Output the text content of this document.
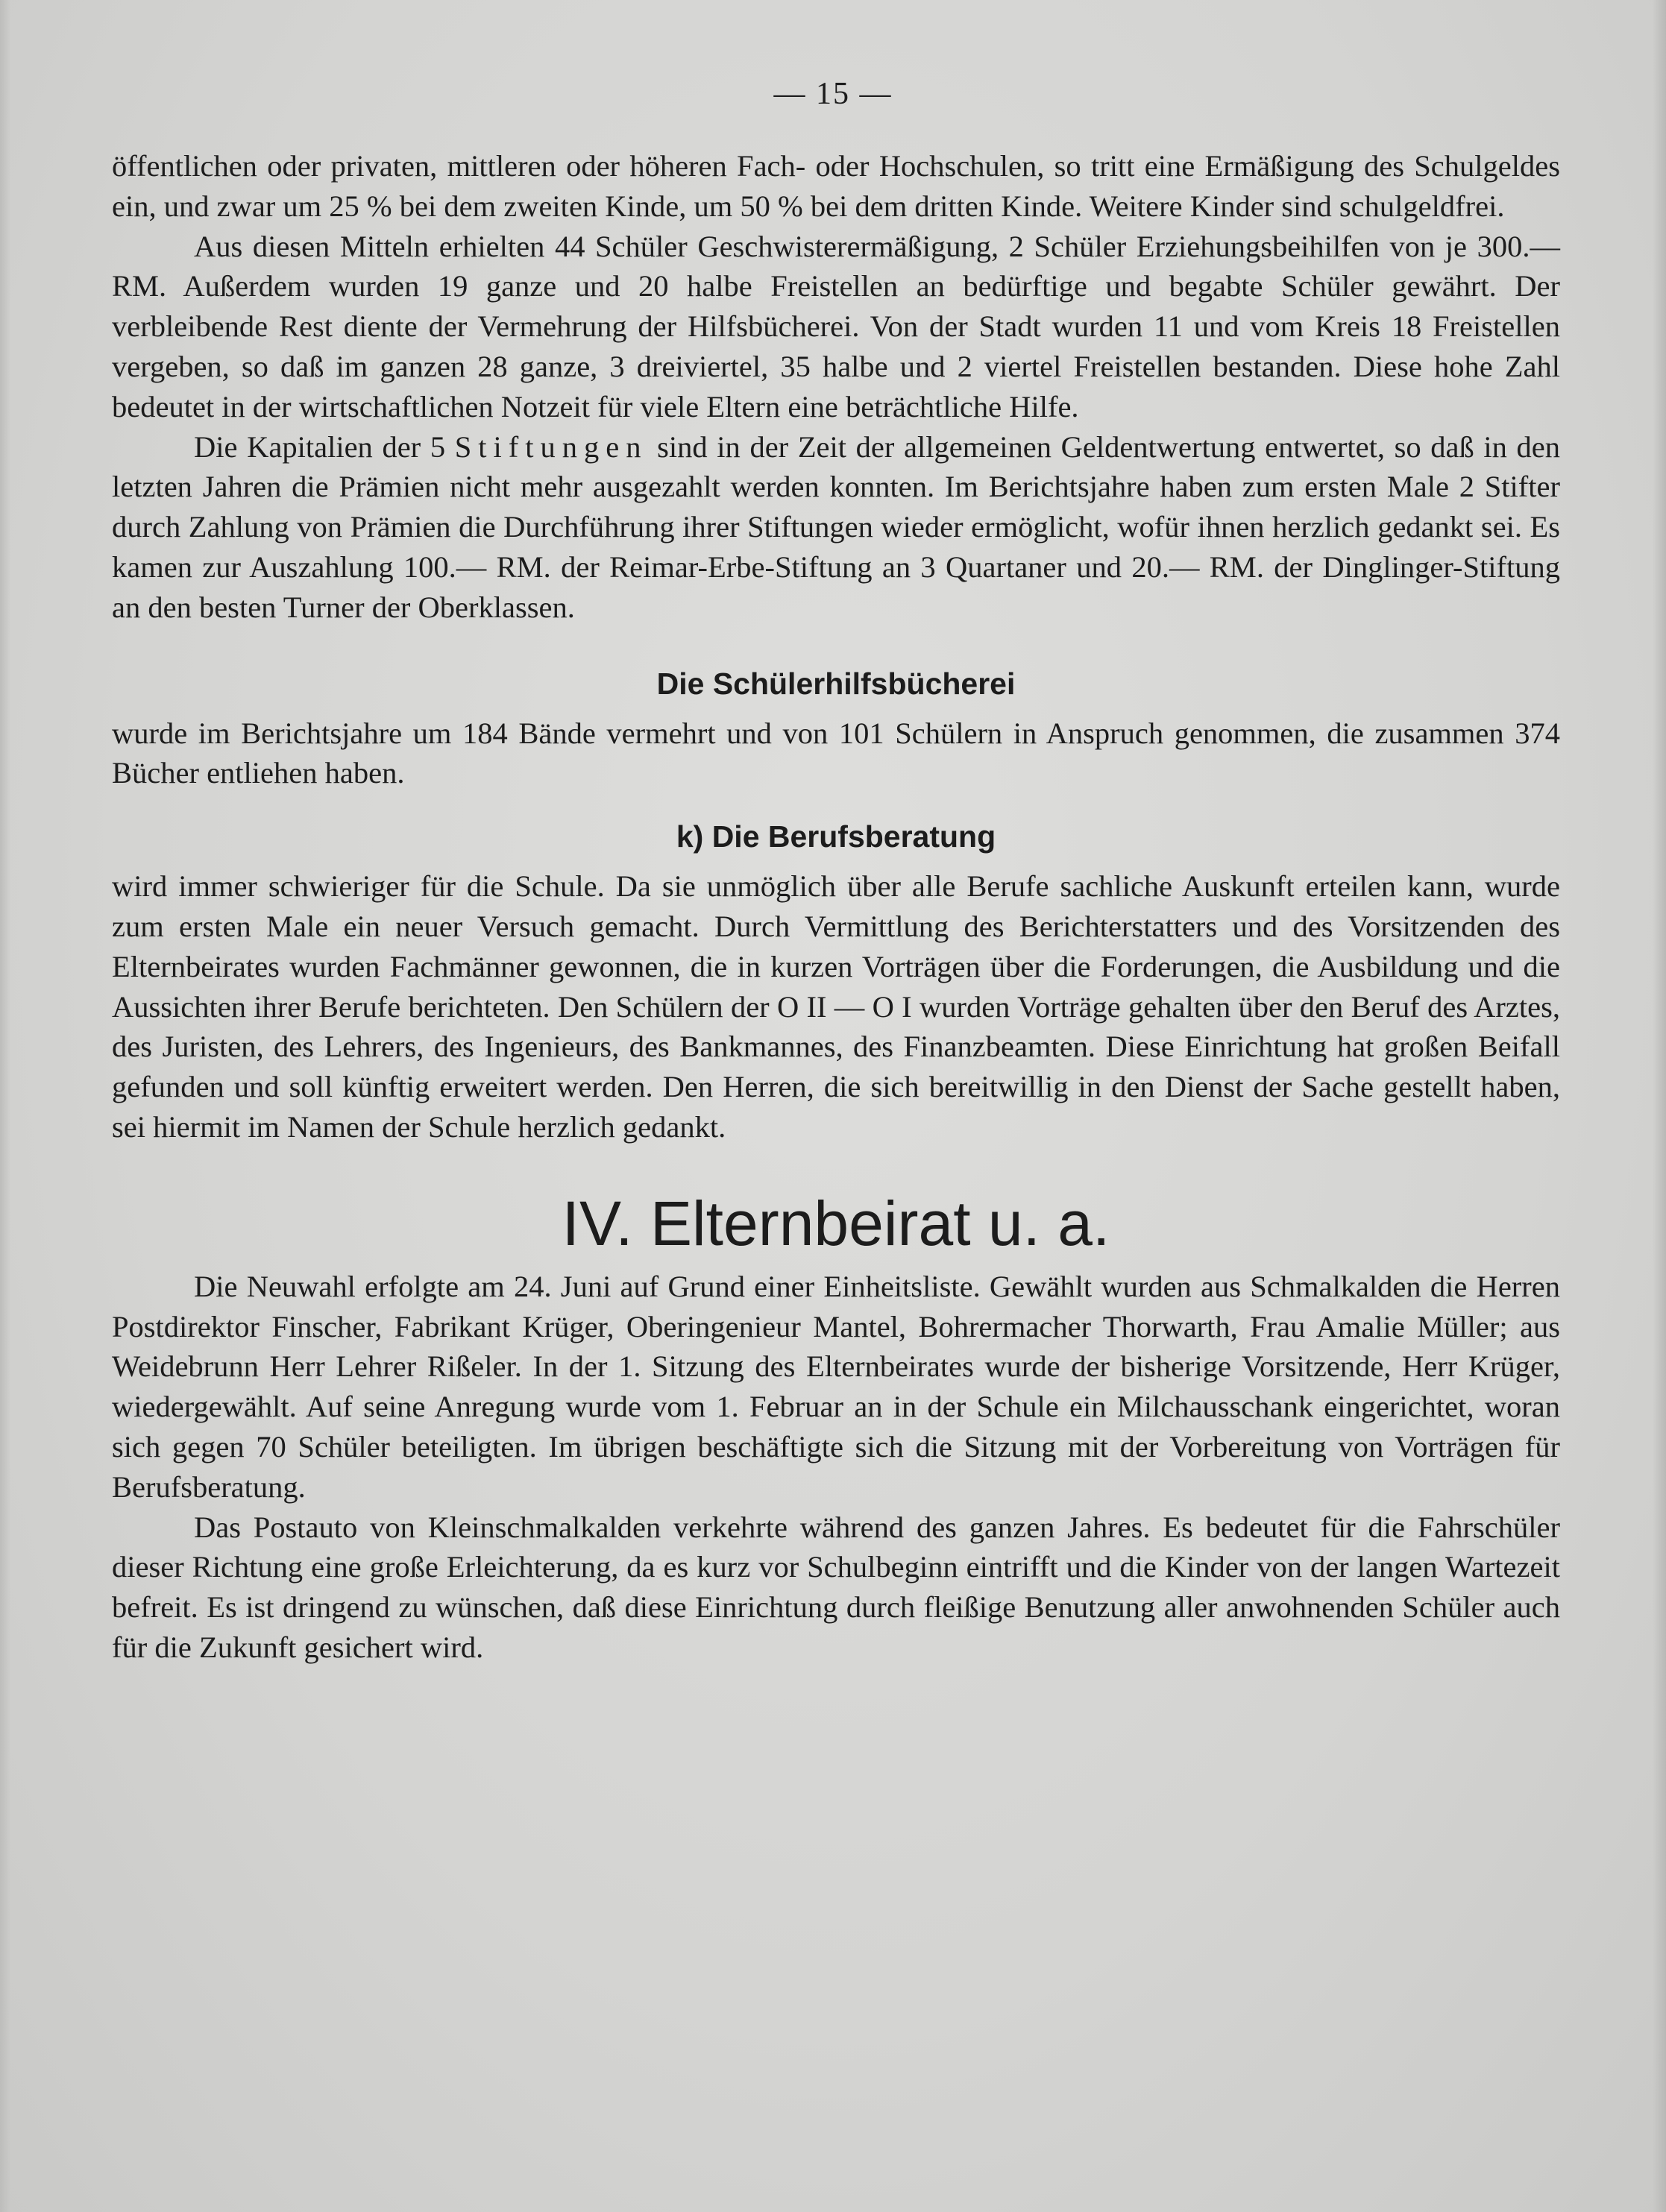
— 15 —

öffentlichen oder privaten, mittleren oder höheren Fach- oder Hochschulen, so tritt eine Ermäßigung des Schulgeldes ein, und zwar um 25 % bei dem zweiten Kinde, um 50 % bei dem dritten Kinde. Weitere Kinder sind schulgeldfrei.

Aus diesen Mitteln erhielten 44 Schüler Geschwisterermäßigung, 2 Schüler Erziehungsbeihilfen von je 300.— RM. Außerdem wurden 19 ganze und 20 halbe Freistellen an bedürftige und begabte Schüler gewährt. Der verbleibende Rest diente der Vermehrung der Hilfsbücherei. Von der Stadt wurden 11 und vom Kreis 18 Freistellen vergeben, so daß im ganzen 28 ganze, 3 dreiviertel, 35 halbe und 2 viertel Freistellen bestanden. Diese hohe Zahl bedeutet in der wirtschaftlichen Notzeit für viele Eltern eine beträchtliche Hilfe.

Die Kapitalien der 5 Stiftungen sind in der Zeit der allgemeinen Geldentwertung entwertet, so daß in den letzten Jahren die Prämien nicht mehr ausgezahlt werden konnten. Im Berichtsjahre haben zum ersten Male 2 Stifter durch Zahlung von Prämien die Durchführung ihrer Stiftungen wieder ermöglicht, wofür ihnen herzlich gedankt sei. Es kamen zur Auszahlung 100.— RM. der Reimar-Erbe-Stiftung an 3 Quartaner und 20.— RM. der Dinglinger-Stiftung an den besten Turner der Oberklassen.

Die Schülerhilfsbücherei

wurde im Berichtsjahre um 184 Bände vermehrt und von 101 Schülern in Anspruch genommen, die zusammen 374 Bücher entliehen haben.

k) Die Berufsberatung

wird immer schwieriger für die Schule. Da sie unmöglich über alle Berufe sachliche Auskunft erteilen kann, wurde zum ersten Male ein neuer Versuch gemacht. Durch Vermittlung des Berichterstatters und des Vorsitzenden des Elternbeirates wurden Fachmänner gewonnen, die in kurzen Vorträgen über die Forderungen, die Ausbildung und die Aussichten ihrer Berufe berichteten. Den Schülern der O II — O I wurden Vorträge gehalten über den Beruf des Arztes, des Juristen, des Lehrers, des Ingenieurs, des Bankmannes, des Finanzbeamten. Diese Einrichtung hat großen Beifall gefunden und soll künftig erweitert werden. Den Herren, die sich bereitwillig in den Dienst der Sache gestellt haben, sei hiermit im Namen der Schule herzlich gedankt.

IV. Elternbeirat u. a.

Die Neuwahl erfolgte am 24. Juni auf Grund einer Einheitsliste. Gewählt wurden aus Schmalkalden die Herren Postdirektor Finscher, Fabrikant Krüger, Oberingenieur Mantel, Bohrermacher Thorwarth, Frau Amalie Müller; aus Weidebrunn Herr Lehrer Rißeler. In der 1. Sitzung des Elternbeirates wurde der bisherige Vorsitzende, Herr Krüger, wiedergewählt. Auf seine Anregung wurde vom 1. Februar an in der Schule ein Milchausschank eingerichtet, woran sich gegen 70 Schüler beteiligten. Im übrigen beschäftigte sich die Sitzung mit der Vorbereitung von Vorträgen für Berufsberatung.

Das Postauto von Kleinschmalkalden verkehrte während des ganzen Jahres. Es bedeutet für die Fahrschüler dieser Richtung eine große Erleichterung, da es kurz vor Schulbeginn eintrifft und die Kinder von der langen Wartezeit befreit. Es ist dringend zu wünschen, daß diese Einrichtung durch fleißige Benutzung aller anwohnenden Schüler auch für die Zukunft gesichert wird.
